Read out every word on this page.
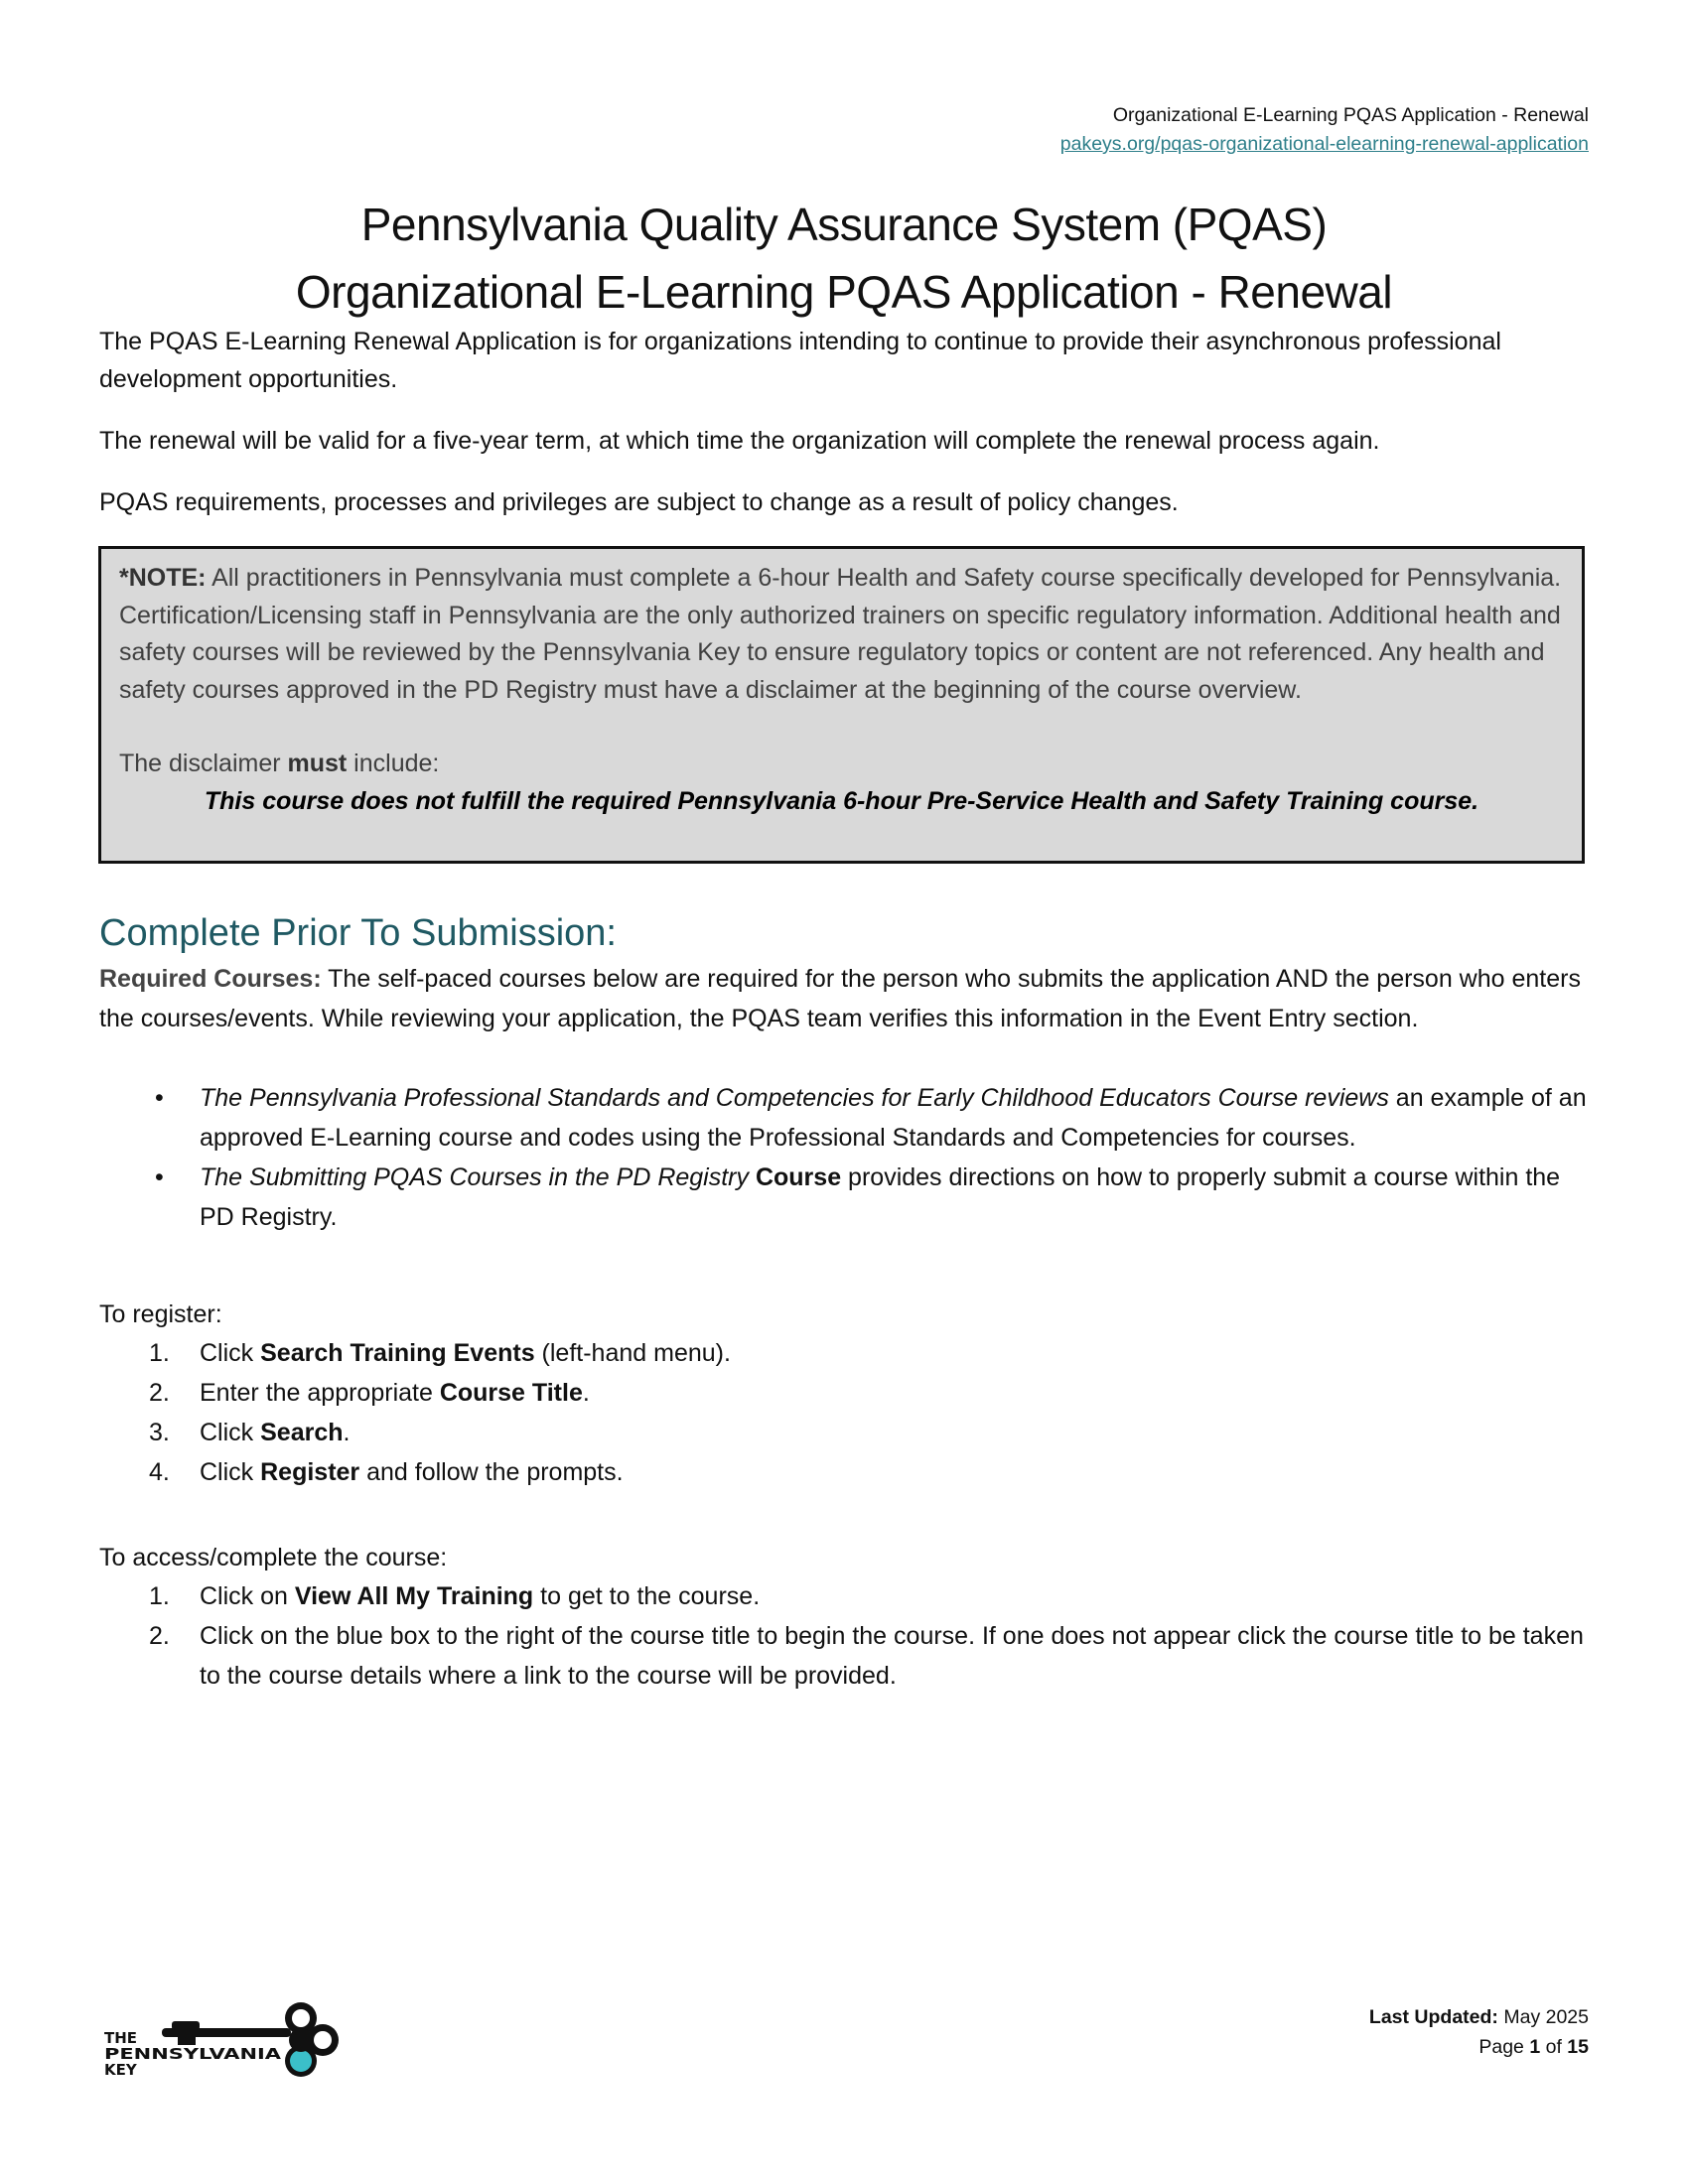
Organizational E-Learning PQAS Application - Renewal
pakeys.org/pqas-organizational-elearning-renewal-application
Pennsylvania Quality Assurance System (PQAS)
Organizational E-Learning PQAS Application - Renewal
The PQAS E-Learning Renewal Application is for organizations intending to continue to provide their asynchronous professional development opportunities.
The renewal will be valid for a five-year term, at which time the organization will complete the renewal process again.
PQAS requirements, processes and privileges are subject to change as a result of policy changes.
*NOTE: All practitioners in Pennsylvania must complete a 6-hour Health and Safety course specifically developed for Pennsylvania. Certification/Licensing staff in Pennsylvania are the only authorized trainers on specific regulatory information. Additional health and safety courses will be reviewed by the Pennsylvania Key to ensure regulatory topics or content are not referenced. Any health and safety courses approved in the PD Registry must have a disclaimer at the beginning of the course overview.
The disclaimer must include:
This course does not fulfill the required Pennsylvania 6-hour Pre-Service Health and Safety Training course.
Complete Prior To Submission:
Required Courses: The self-paced courses below are required for the person who submits the application AND the person who enters the courses/events. While reviewing your application, the PQAS team verifies this information in the Event Entry section.
• The Pennsylvania Professional Standards and Competencies for Early Childhood Educators Course reviews an example of an approved E-Learning course and codes using the Professional Standards and Competencies for courses.
• The Submitting PQAS Courses in the PD Registry Course provides directions on how to properly submit a course within the PD Registry.
To register:
1. Click Search Training Events (left-hand menu).
2. Enter the appropriate Course Title.
3. Click Search.
4. Click Register and follow the prompts.
To access/complete the course:
1. Click on View All My Training to get to the course.
2. Click on the blue box to the right of the course title to begin the course. If one does not appear click the course title to be taken to the course details where a link to the course will be provided.
THE
PENNSYLVANIA
KEY
Last Updated: May 2025
Page 1 of 15
